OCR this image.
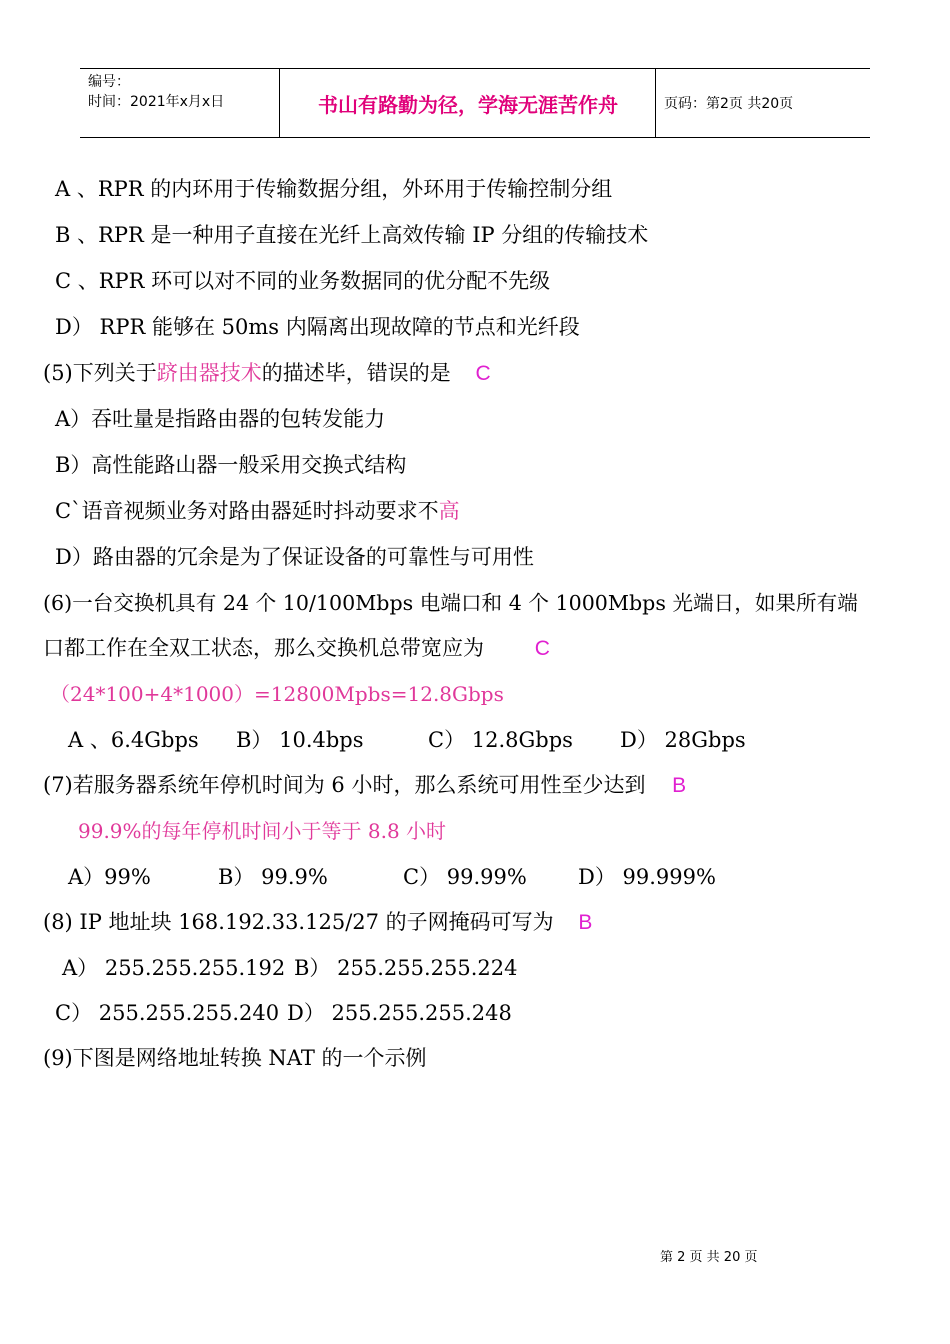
编号：
时间：2021年x月x日	书山有路勤为径，学海无涯苦作舟	页码：第2页 共20页
A 、RPR 的内环用于传输数据分组，外环用于传输控制分组
B 、RPR 是一种用子直接在光纤上高效传输 IP 分组的传输技术
C 、RPR 环可以对不同的业务数据同的优分配不先级
D） RPR 能够在 50ms 内隔离出现故障的节点和光纤段
(5)下列关于跻由器技术的描述毕，错误的是 C
A）吞吐量是指路由器的包转发能力
B）高性能路山器一般采用交换式结构
C`语音视频业务对路由器延时抖动要求不高
D）路由器的冗余是为了保证设备的可靠性与可用性
(6)一台交换机具有 24 个 10/100Mbps 电端口和 4 个 1000Mbps 光端日，如果所有端
口都工作在全双工状态，那么交换机总带宽应为 C
（24*100+4*1000）=12800Mpbs=12.8Gbps
A 、6.4Gbps B） 10.4bps	C） 12.8Gbps D） 28Gbps
(7)若服务器系统年停机时间为 6 小时，那么系统可用性至少达到 B
99.9%的每年停机时间小于等于 8.8 小时
A）99%	B） 99.9%	C） 99.99% D） 99.999%
(8) IP 地址块 168.192.33.125/27 的子网掩码可写为 B
A） 255.255.255.192 B） 255.255.255.224
C） 255.255.255.240 D） 255.255.255.248
(9)下图是网络地址转换 NAT 的一个示例
第 2 页 共 20 页
